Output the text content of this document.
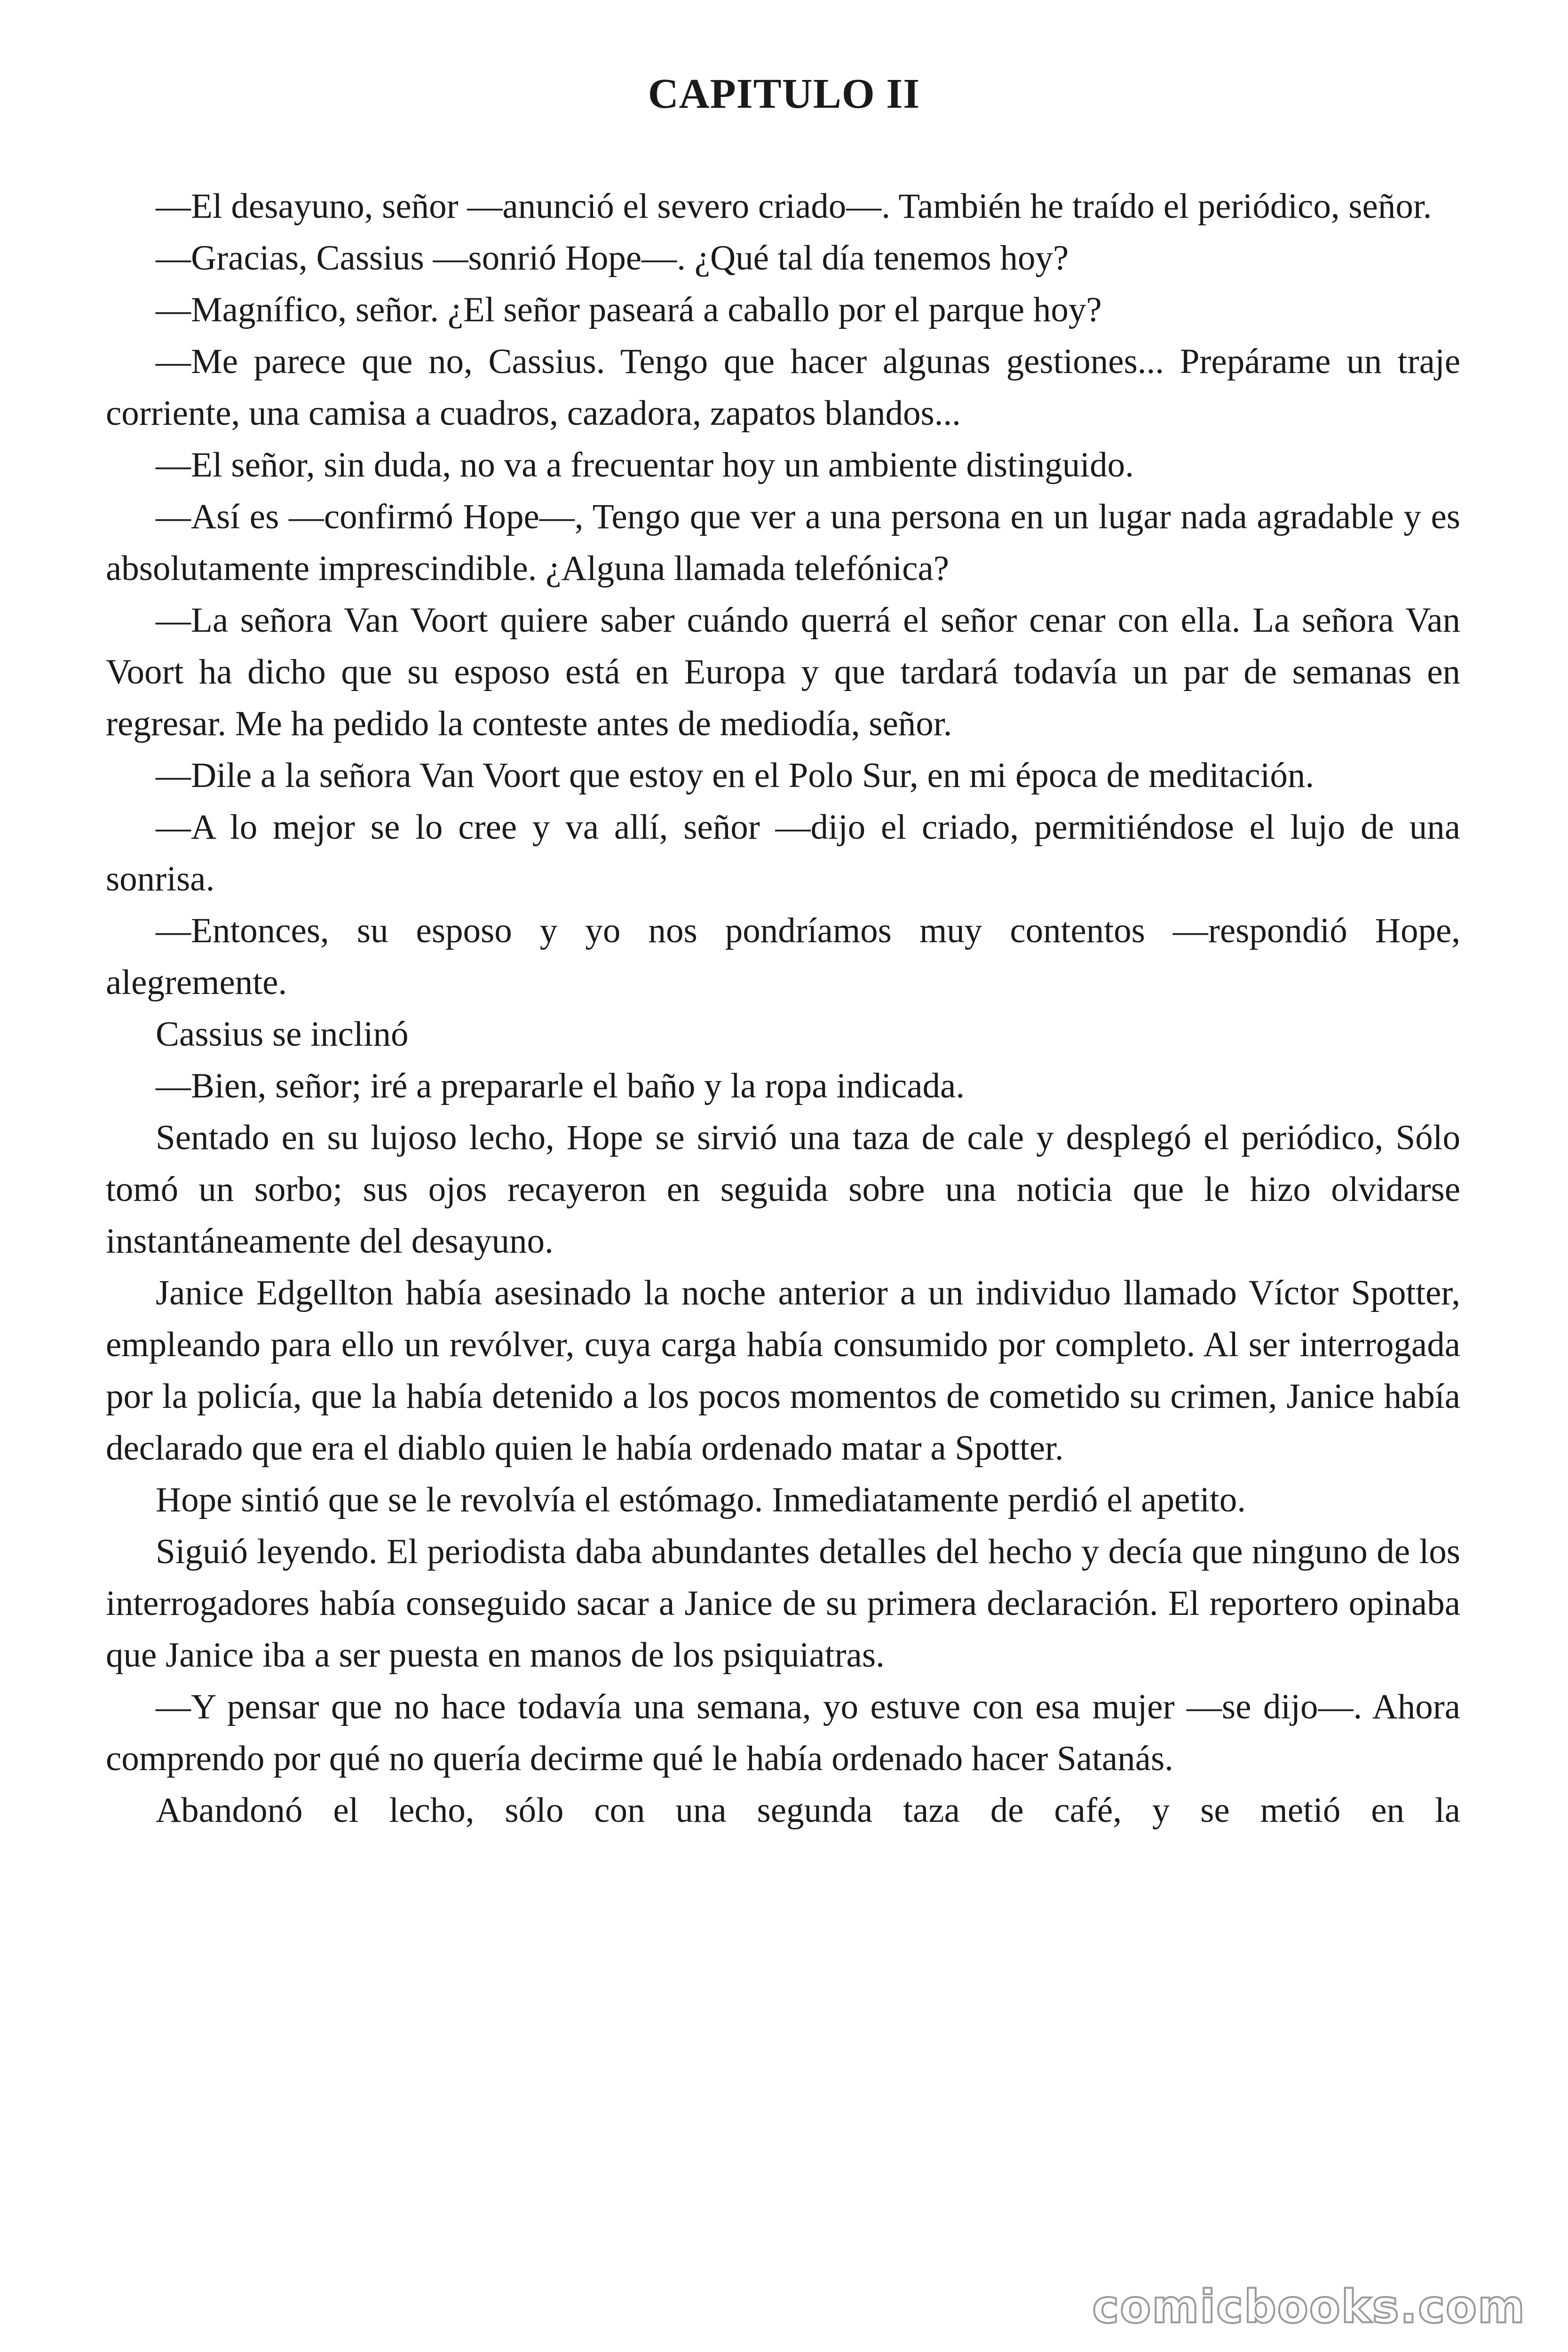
CAPITULO II

—El desayuno, señor —anunció el severo criado—. También he traído el periódico, señor.

—Gracias, Cassius —sonrió Hope—. ¿Qué tal día tenemos hoy?

—Magnífico, señor. ¿El señor paseará a caballo por el parque hoy?

—Me parece que no, Cassius. Tengo que hacer algunas gestiones... Prepárame un traje corriente, una camisa a cuadros, cazadora, zapatos blandos...

—El señor, sin duda, no va a frecuentar hoy un ambiente distinguido.

—Así es —confirmó Hope—, Tengo que ver a una persona en un lugar nada agradable y es absolutamente imprescindible. ¿Alguna llamada telefónica?

—La señora Van Voort quiere saber cuándo querrá el señor cenar con ella. La señora Van Voort ha dicho que su esposo está en Europa y que tardará todavía un par de semanas en regresar. Me ha pedido la conteste antes de mediodía, señor.

—Dile a la señora Van Voort que estoy en el Polo Sur, en mi época de meditación.

—A lo mejor se lo cree y va allí, señor —dijo el criado, permitiéndose el lujo de una sonrisa.

—Entonces, su esposo y yo nos pondríamos muy contentos —respondió Hope, alegremente.

Cassius se inclinó

—Bien, señor; iré a prepararle el baño y la ropa indicada.

Sentado en su lujoso lecho, Hope se sirvió una taza de cale y desplegó el periódico, Sólo tomó un sorbo; sus ojos recayeron en seguida sobre una noticia que le hizo olvidarse instantáneamente del desayuno.

Janice Edgellton había asesinado la noche anterior a un individuo llamado Víctor Spotter, empleando para ello un revólver, cuya carga había consumido por completo. Al ser interrogada por la policía, que la había detenido a los pocos momentos de cometido su crimen, Janice había declarado que era el diablo quien le había ordenado matar a Spotter.

Hope sintió que se le revolvía el estómago. Inmediatamente perdió el apetito.

Siguió leyendo. El periodista daba abundantes detalles del hecho y decía que ninguno de los interrogadores había conseguido sacar a Janice de su primera declaración. El reportero opinaba que Janice iba a ser puesta en manos de los psiquiatras.

—Y pensar que no hace todavía una semana, yo estuve con esa mujer —se dijo—. Ahora comprendo por qué no quería decirme qué le había ordenado hacer Satanás.

Abandonó el lecho, sólo con una segunda taza de café, y se metió en la

comicbooks.com
